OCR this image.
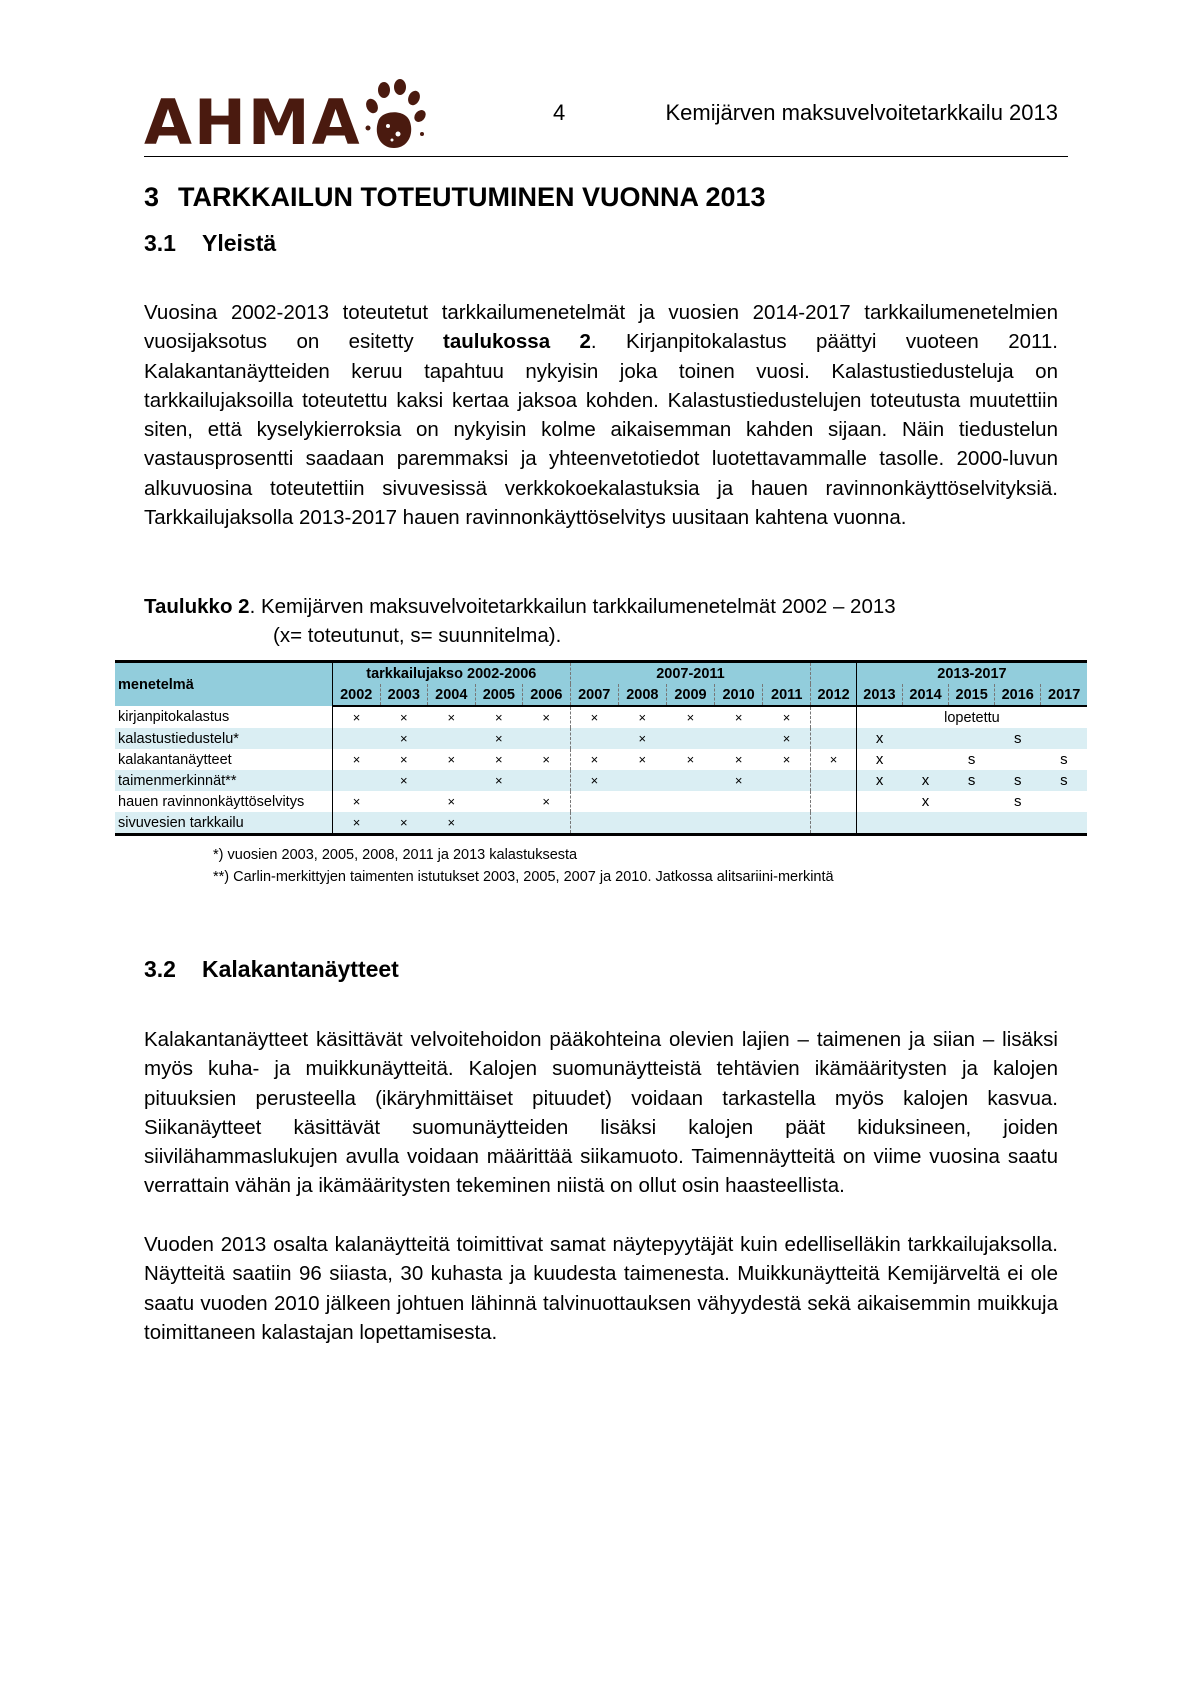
AHMA	4	Kemijärven maksuvelvoitetarkkailu 2013
3 TARKKAILUN TOTEUTUMINEN VUONNA 2013
3.1 Yleistä
Vuosina 2002-2013 toteutetut tarkkailumenetelmät ja vuosien 2014-2017 tarkkailumenetelmien vuosijaksotus on esitetty taulukossa 2. Kirjanpitokalastus päättyi vuoteen 2011. Kalakantanäytteiden keruu tapahtuu nykyisin joka toinen vuosi. Kalastustiedusteluja on tarkkailujaksoilla toteutettu kaksi kertaa jaksoa kohden. Kalastustiedustelujen toteutusta muutettiin siten, että kyselykierroksia on nykyisin kolme aikaisemman kahden sijaan. Näin tiedustelun vastausprosentti saadaan paremmaksi ja yhteenvetotiedot luotettavammalle tasolle. 2000-luvun alkuvuosina toteutettiin sivuvesissä verkkokoekalastuksia ja hauen ravinnonkäyttöselvityksiä. Tarkkailujaksolla 2013-2017 hauen ravinnonkäyttöselvitys uusitaan kahtena vuonna.
Taulukko 2. Kemijärven maksuvelvoitetarkkailun tarkkailumenetelmät 2002 – 2013
(x= toteutunut, s= suunnitelma).
menetelmä	tarkkailujakso 2002-2006					2007-2011						2013-2017				
	2002	2003	2004	2005	2006	2007	2008	2009	2010	2011	2012	2013	2014	2015	2016	2017
kirjanpitokalastus	×	×	×	×	×	×	×	×	×	×		lopetettu				
kalastustiedustelu*		×		×			×			×		x			s	
kalakantanäytteet	×	×	×	×	×	×	×	×	×	×	×	x		s		s
taimenmerkinnät**		×		×		×			×			x	x	s	s	s
hauen ravinnonkäyttöselvitys	×		×		×								x		s	
sivuvesien tarkkailu	×	×	×													
*) vuosien 2003, 2005, 2008, 2011 ja 2013 kalastuksesta
**) Carlin-merkittyjen taimenten istutukset 2003, 2005, 2007 ja 2010. Jatkossa alitsariini-merkintä
3.2 Kalakantanäytteet
Kalakantanäytteet käsittävät velvoitehoidon pääkohteina olevien lajien – taimenen ja siian – lisäksi myös kuha- ja muikkunäytteitä. Kalojen suomunäytteistä tehtävien ikämääritysten ja kalojen pituuksien perusteella (ikäryhmittäiset pituudet) voidaan tarkastella myös kalojen kasvua. Siikanäytteet käsittävät suomunäytteiden lisäksi kalojen päät kiduksineen, joiden siivilähammaslukujen avulla voidaan määrittää siikamuoto. Taimennäytteitä on viime vuosina saatu verrattain vähän ja ikämääritysten tekeminen niistä on ollut osin haasteellista.
Vuoden 2013 osalta kalanäytteitä toimittivat samat näytepyytäjät kuin edelliselläkin tarkkailujaksolla. Näytteitä saatiin 96 siiasta, 30 kuhasta ja kuudesta taimenesta. Muikkunäytteitä Kemijärveltä ei ole saatu vuoden 2010 jälkeen johtuen lähinnä talvinuottauksen vähyydestä sekä aikaisemmin muikkuja toimittaneen kalastajan lopettamisesta.
